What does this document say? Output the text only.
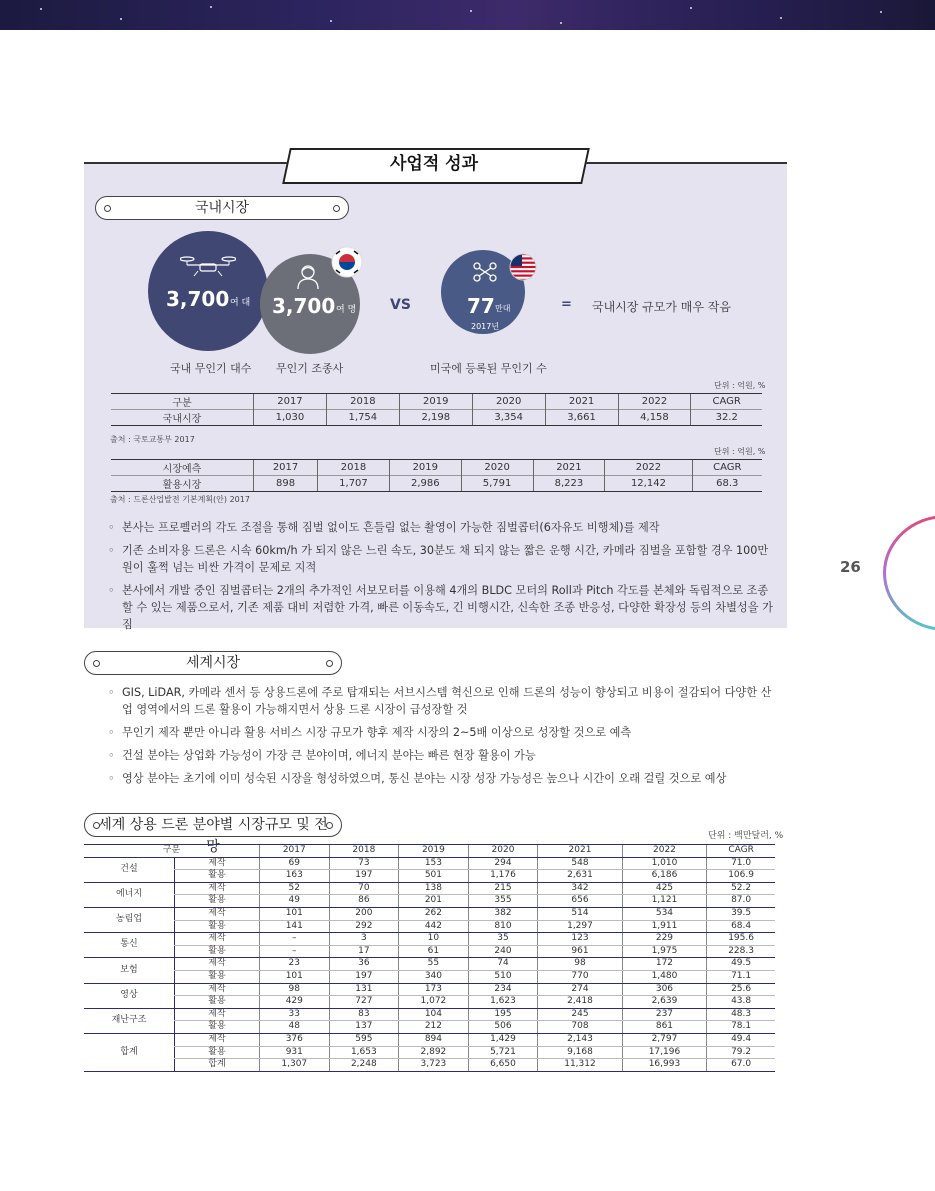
사업적 성과
국내시장
3,700 여 대 3,700 여 명 VS	77 만대
2017년
= 국내시장 규모가 매우 작음
국내 무인기 대수 무인기 조종사	미국에 등록된 무인기 수
단위 : 억원, %
구분	2017	2018	2019	2020	2021	2022	CAGR
국내시장	1,030	1,754	2,198	3,354	3,661	4,158	32.2
출처 : 국토교통부 2017
단위 : 억원, %
시장예측	2017	2018	2019	2020	2021	2022	CAGR
활용시장	898	1,707	2,986	5,791	8,223	12,142	68.3
출처 : 드론산업발전 기본계획(안) 2017
◦ 본사는 프로펠러의 각도 조절을 통해 짐벌 없이도 흔들림 없는 촬영이 가능한 짐벌콥터(6자유도 비행체)를 제작
◦ 기존 소비자용 드론은 시속 60km/h 가 되지 않은 느린 속도, 30분도 채 되지 않는 짧은 운행 시간, 카메라 짐벌을 포함할 경우 100만원이 훌쩍 넘는 비싼 가격이 문제로 지적
◦ 본사에서 개발 중인 짐벌콥터는 2개의 추가적인 서보모터를 이용해 4개의 BLDC 모터의 Roll과 Pitch 각도를 본체와 독립적으로 조종할 수 있는 제품으로서, 기존 제품 대비 저렴한 가격, 빠른 이동속도, 긴 비행시간, 신속한 조종 반응성, 다양한 확장성 등의 차별성을 가짐
26
세계시장
◦ GIS, LiDAR, 카메라 센서 등 상용드론에 주로 탑재되는 서브시스템 혁신으로 인해 드론의 성능이 향상되고 비용이 절감되어 다양한 산업 영역에서의 드론 활용이 가능해지면서 상용 드론 시장이 급성장할 것
◦ 무인기 제작 뿐만 아니라 활용 서비스 시장 규모가 향후 제작 시장의 2~5배 이상으로 성장할 것으로 예측
◦ 건설 분야는 상업화 가능성이 가장 큰 분야이며, 에너지 분야는 빠른 현장 활용이 가능
◦ 영상 분야는 초기에 이미 성숙된 시장을 형성하였으며, 통신 분야는 시장 성장 가능성은 높으나 시간이 오래 걸릴 것으로 예상
세계 상용 드론 분야별 시장규모 및 전망
단위 : 백만달러, %
구분		2017	2018	2019	2020	2021	2022	CAGR
건설	제작	69	73	153	294	548	1,010	71.0
	활용	163	197	501	1,176	2,631	6,186	106.9
에너지	제작	52	70	138	215	342	425	52.2
	활용	49	86	201	355	656	1,121	87.0
농림업	제작	101	200	262	382	514	534	39.5
	활용	141	292	442	810	1,297	1,911	68.4
통신	제작	–	3	10	35	123	229	195.6
	활용	–	17	61	240	961	1,975	228.3
보험	제작	23	36	55	74	98	172	49.5
	활용	101	197	340	510	770	1,480	71.1
영상	제작	98	131	173	234	274	306	25.6
	활용	429	727	1,072	1,623	2,418	2,639	43.8
재난구조	제작	33	83	104	195	245	237	48.3
	활용	48	137	212	506	708	861	78.1
합계	제작	376	595	894	1,429	2,143	2,797	49.4
	활용	931	1,653	2,892	5,721	9,168	17,196	79.2
	합계	1,307	2,248	3,723	6,650	11,312	16,993	67.0
